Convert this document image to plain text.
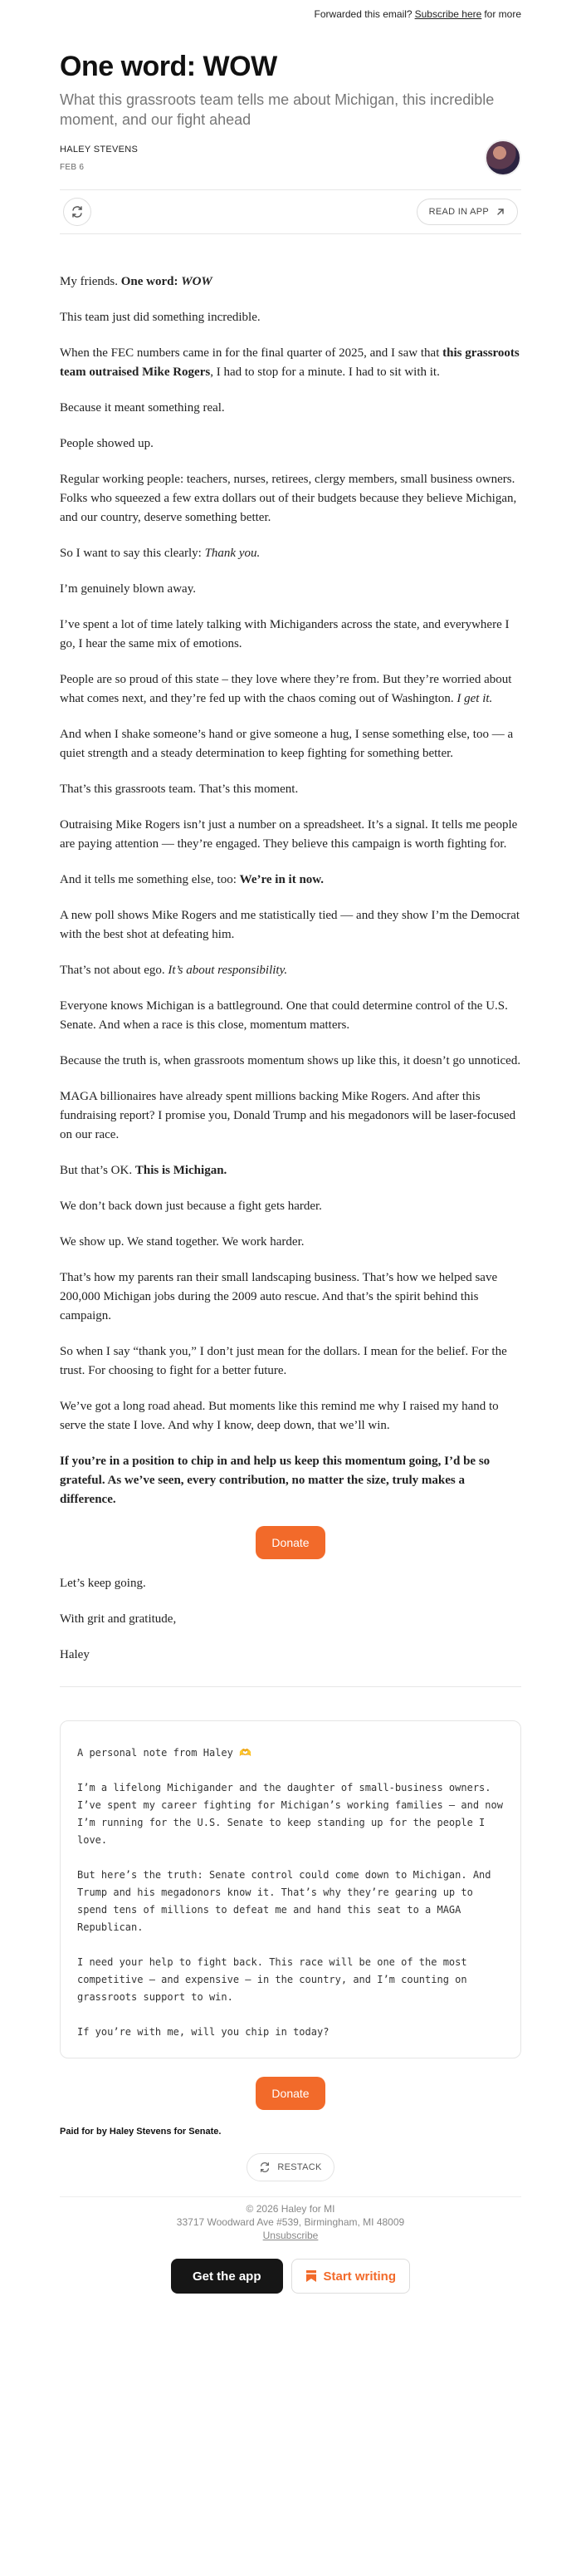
Forwarded this email? Subscribe here for more
One word: WOW
What this grassroots team tells me about Michigan, this incredible moment, and our fight ahead
HALEY STEVENS
FEB 6
READ IN APP

My friends. One word: WOW

This team just did something incredible.

When the FEC numbers came in for the final quarter of 2025, and I saw that this grassroots team outraised Mike Rogers, I had to stop for a minute. I had to sit with it.

Because it meant something real.

People showed up.

Regular working people: teachers, nurses, retirees, clergy members, small business owners. Folks who squeezed a few extra dollars out of their budgets because they believe Michigan, and our country, deserve something better.

So I want to say this clearly: Thank you.

I’m genuinely blown away.

I’ve spent a lot of time lately talking with Michiganders across the state, and everywhere I go, I hear the same mix of emotions.

People are so proud of this state – they love where they’re from. But they’re worried about what comes next, and they’re fed up with the chaos coming out of Washington. I get it.

And when I shake someone’s hand or give someone a hug, I sense something else, too — a quiet strength and a steady determination to keep fighting for something better.

That’s this grassroots team. That’s this moment.

Outraising Mike Rogers isn’t just a number on a spreadsheet. It’s a signal. It tells me people are paying attention — they’re engaged. They believe this campaign is worth fighting for.

And it tells me something else, too: We’re in it now.

A new poll shows Mike Rogers and me statistically tied — and they show I’m the Democrat with the best shot at defeating him.

That’s not about ego. It’s about responsibility.

Everyone knows Michigan is a battleground. One that could determine control of the U.S. Senate. And when a race is this close, momentum matters.

Because the truth is, when grassroots momentum shows up like this, it doesn’t go unnoticed.

MAGA billionaires have already spent millions backing Mike Rogers. And after this fundraising report? I promise you, Donald Trump and his megadonors will be laser-focused on our race.

But that’s OK. This is Michigan.

We don’t back down just because a fight gets harder.

We show up. We stand together. We work harder.

That’s how my parents ran their small landscaping business. That’s how we helped save 200,000 Michigan jobs during the 2009 auto rescue. And that’s the spirit behind this campaign.

So when I say “thank you,” I don’t just mean for the dollars. I mean for the belief. For the trust. For choosing to fight for a better future.

We’ve got a long road ahead. But moments like this remind me why I raised my hand to serve the state I love. And why I know, deep down, that we’ll win.

If you’re in a position to chip in and help us keep this momentum going, I’d be so grateful. As we’ve seen, every contribution, no matter the size, truly makes a difference.

Donate

Let’s keep going.

With grit and gratitude,

Haley

A personal note from Haley 🫶

I’m a lifelong Michigander and the daughter of small-business owners. I’ve spent my career fighting for Michigan’s working families – and now I’m running for the U.S. Senate to keep standing up for the people I love.

But here’s the truth: Senate control could come down to Michigan. And Trump and his megadonors know it. That’s why they’re gearing up to spend tens of millions to defeat me and hand this seat to a MAGA Republican.

I need your help to fight back. This race will be one of the most competitive – and expensive – in the country, and I’m counting on grassroots support to win.

If you’re with me, will you chip in today?

Donate
Paid for by Haley Stevens for Senate.
RESTACK
© 2026 Haley for MI
33717 Woodward Ave #539, Birmingham, MI 48009
Unsubscribe
Get the app	Start writing
